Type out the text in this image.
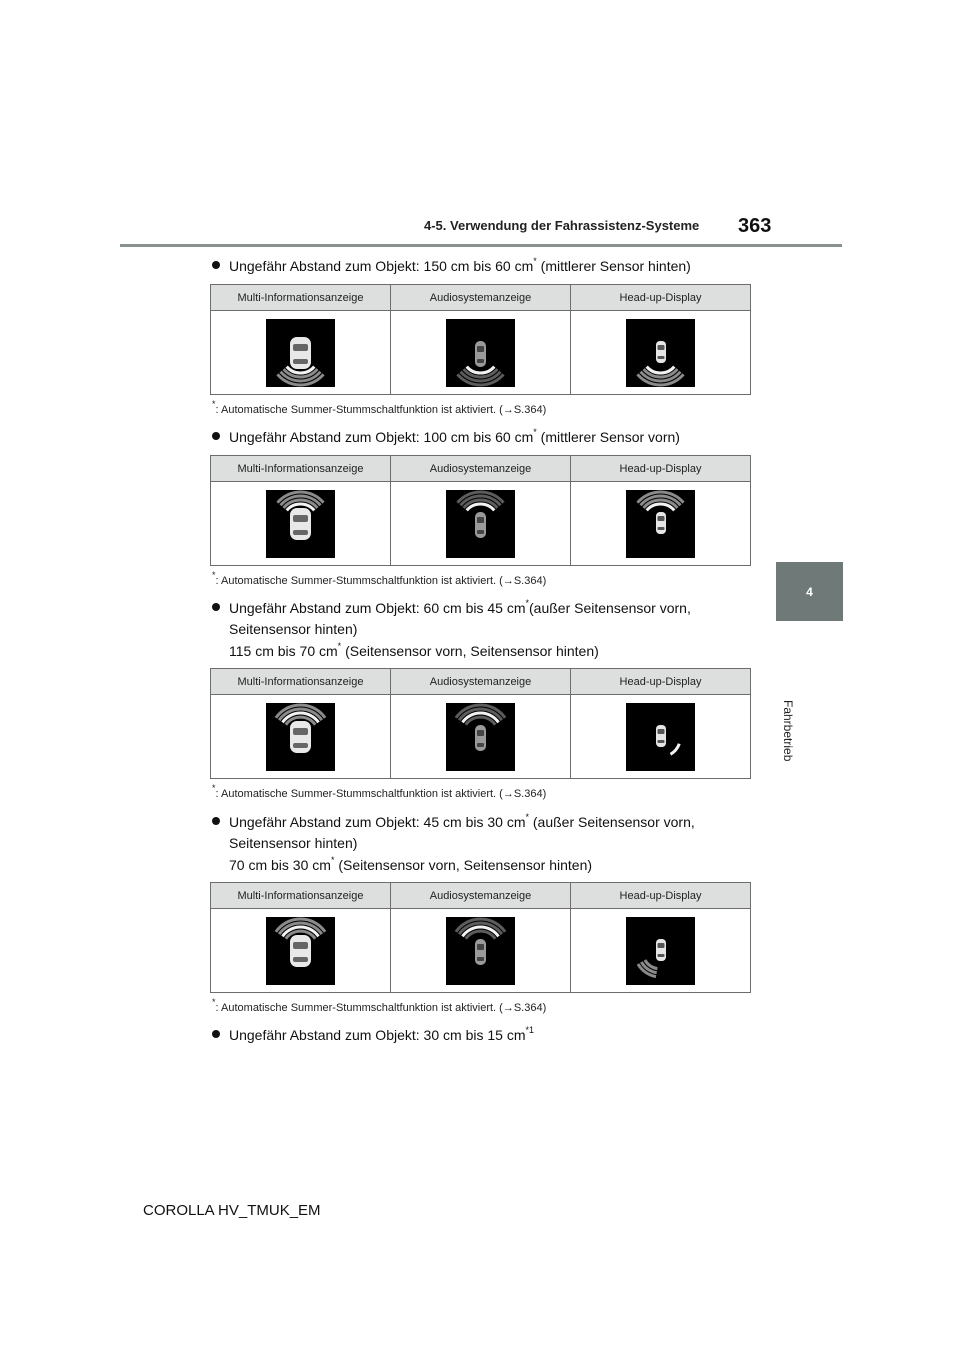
4-5. Verwendung der Fahrassistenz-Systeme 363
4
Fahrbetrieb
Ungefähr Abstand zum Objekt: 150 cm bis 60 cm* (mittlerer Sensor hinten)
Multi-Informationsanzeige	Audiosystemanzeige	Head-up-Display

*: Automatische Summer-Stummschaltfunktion ist aktiviert. (→S.364)
Ungefähr Abstand zum Objekt: 100 cm bis 60 cm* (mittlerer Sensor vorn)
Multi-Informationsanzeige	Audiosystemanzeige	Head-up-Display

*: Automatische Summer-Stummschaltfunktion ist aktiviert. (→S.364)
Ungefähr Abstand zum Objekt: 60 cm bis 45 cm*(außer Seitensensor vorn,
Seitensensor hinten)
115 cm bis 70 cm* (Seitensensor vorn, Seitensensor hinten)
Multi-Informationsanzeige	Audiosystemanzeige	Head-up-Display

*: Automatische Summer-Stummschaltfunktion ist aktiviert. (→S.364)
Ungefähr Abstand zum Objekt: 45 cm bis 30 cm* (außer Seitensensor vorn,
Seitensensor hinten)
70 cm bis 30 cm* (Seitensensor vorn, Seitensensor hinten)
Multi-Informationsanzeige	Audiosystemanzeige	Head-up-Display

*: Automatische Summer-Stummschaltfunktion ist aktiviert. (→S.364)
Ungefähr Abstand zum Objekt: 30 cm bis 15 $cm^{*1}$
COROLLA HV_TMUK_EM
